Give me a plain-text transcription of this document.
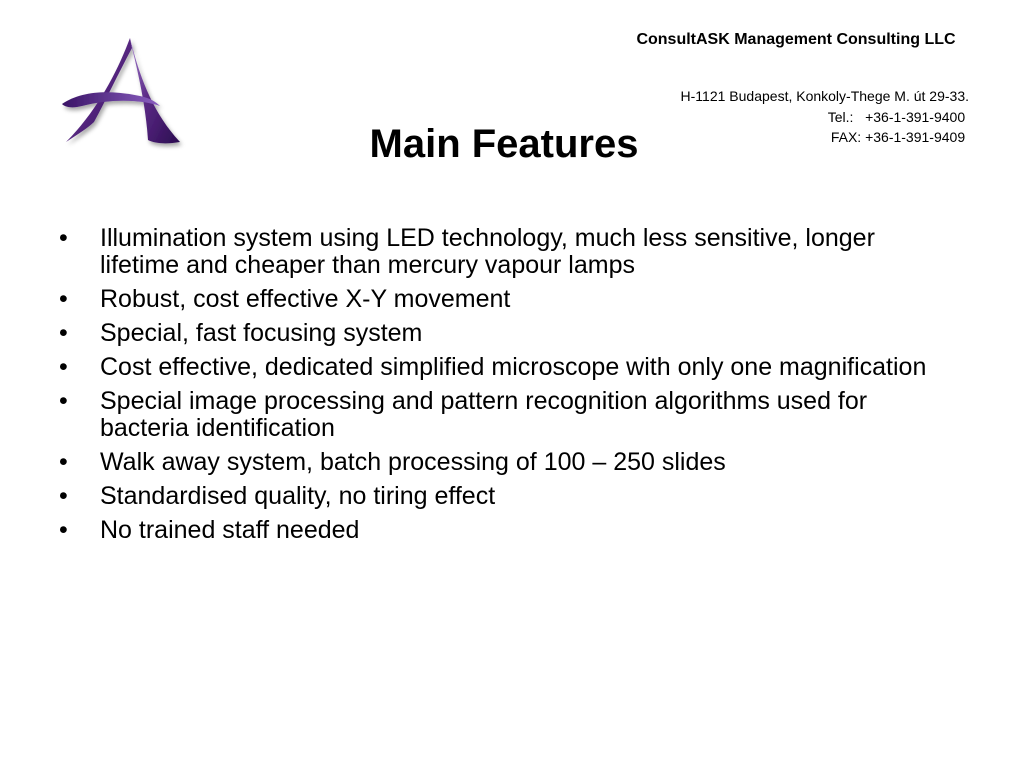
ConsultASK Management Consulting LLC
H-1121 Budapest, Konkoly-Thege M. út 29-33.
Tel.:   +36-1-391-9400
FAX: +36-1-391-9409
Main Features
• Illumination system using LED technology, much less sensitive, longer lifetime and cheaper than mercury vapour lamps
• Robust, cost effective X-Y movement
• Special, fast focusing system
• Cost effective, dedicated simplified microscope with only one magnification
• Special image processing and pattern recognition algorithms used for bacteria identification
• Walk away system, batch processing of 100 – 250 slides
• Standardised quality, no tiring effect
• No trained staff needed
